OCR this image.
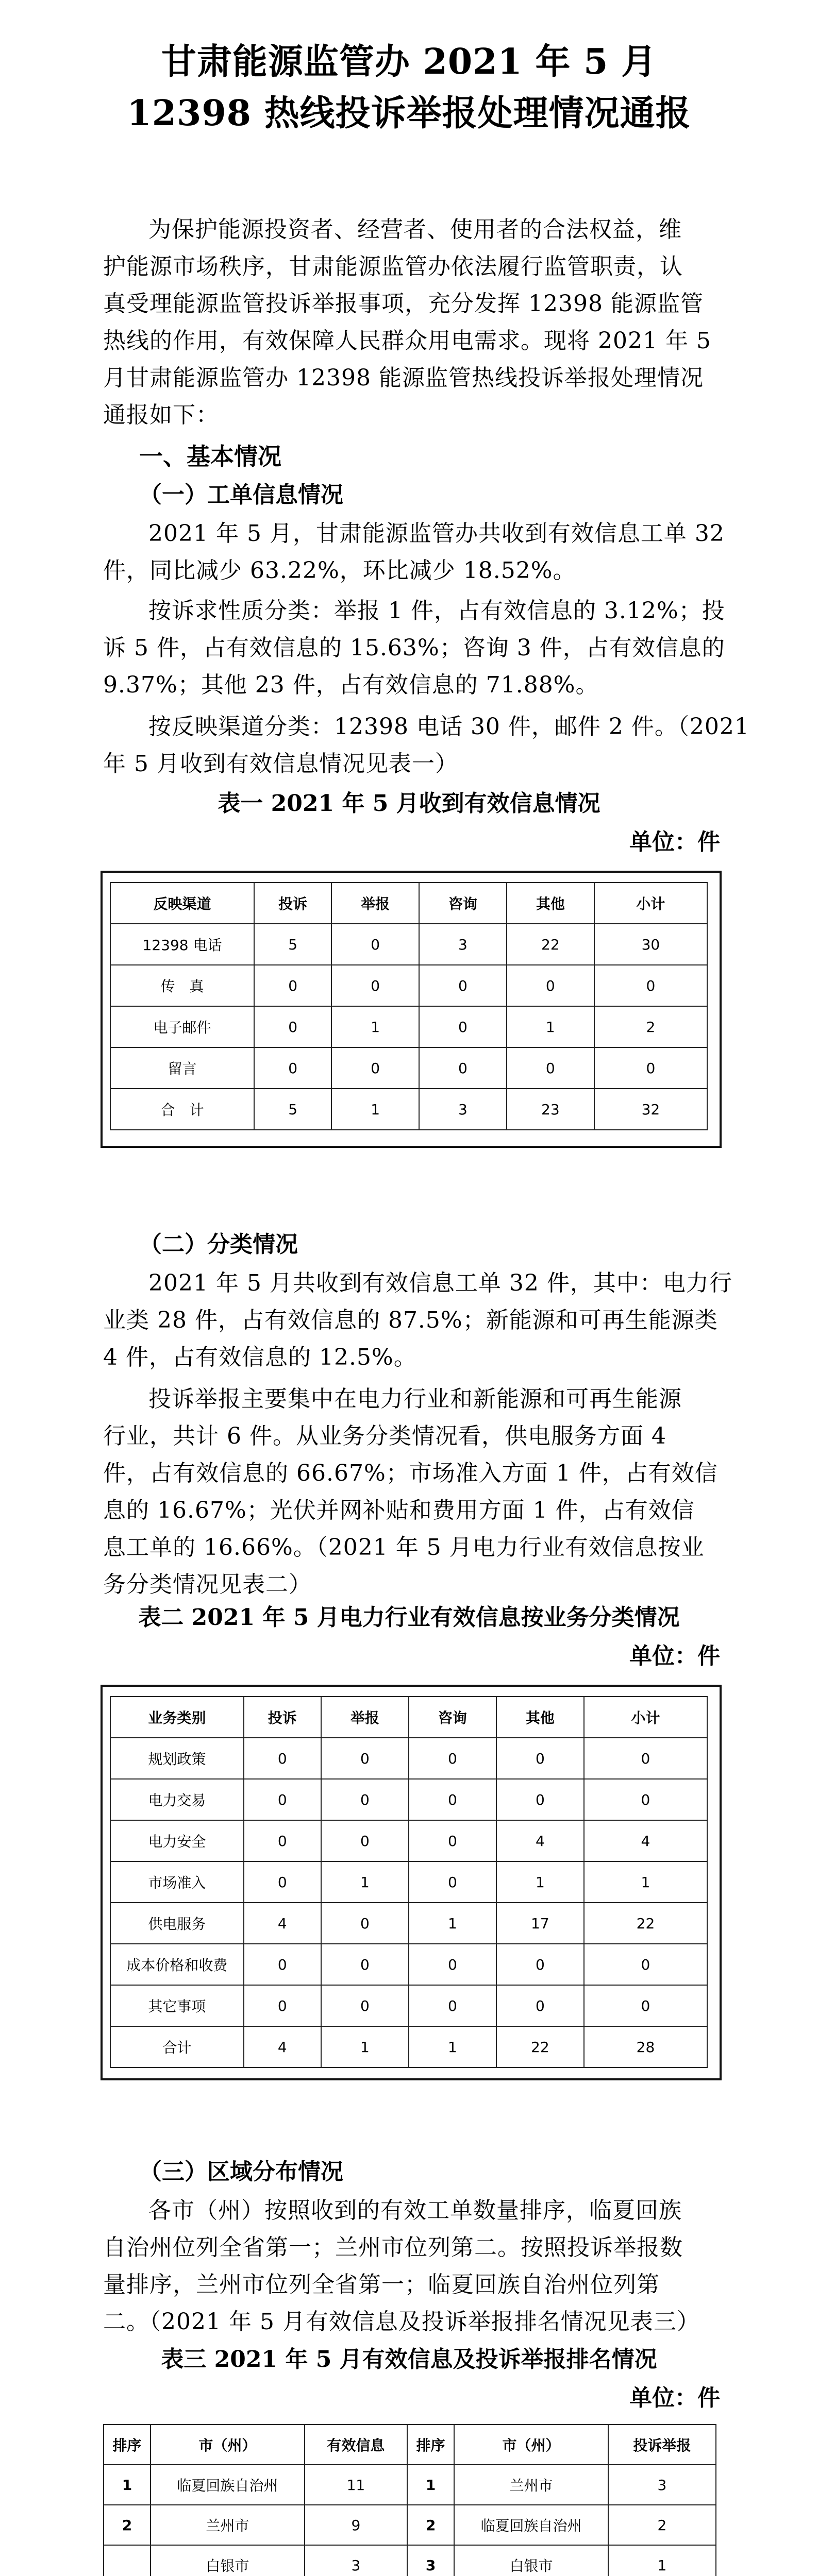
甘肃能源监管办 2021 年 5 月
12398 热线投诉举报处理情况通报
为保护能源投资者、经营者、使用者的合法权益，维
护能源市场秩序，甘肃能源监管办依法履行监管职责，认
真受理能源监管投诉举报事项，充分发挥 12398 能源监管
热线的作用，有效保障人民群众用电需求。现将 2021 年 5
月甘肃能源监管办 12398 能源监管热线投诉举报处理情况
通报如下：
一、基本情况
（一）工单信息情况
2021 年 5 月，甘肃能源监管办共收到有效信息工单 32
件，同比减少 63.22%，环比减少 18.52%。
按诉求性质分类：举报 1 件，占有效信息的 3.12%；投
诉 5 件，占有效信息的 15.63%；咨询 3 件，占有效信息的
9.37%；其他 23 件，占有效信息的 71.88%。
按反映渠道分类：12398 电话 30 件，邮件 2 件。（2021
年 5 月收到有效信息情况见表一）
表一 2021 年 5 月收到有效信息情况
单位：件
反映渠道	投诉	举报	咨询	其他	小计
12398 电话	5	0	3	22	30
传　真	0	0	0	0	0
电子邮件	0	1	0	1	2
留言	0	0	0	0	0
合　计	5	1	3	23	32
（二）分类情况
2021 年 5 月共收到有效信息工单 32 件，其中：电力行
业类 28 件，占有效信息的 87.5%；新能源和可再生能源类
4 件，占有效信息的 12.5%。
投诉举报主要集中在电力行业和新能源和可再生能源
行业，共计 6 件。从业务分类情况看，供电服务方面 4
件，占有效信息的 66.67%；市场准入方面 1 件，占有效信
息的 16.67%；光伏并网补贴和费用方面 1 件，占有效信
息工单的 16.66%。（2021 年 5 月电力行业有效信息按业
务分类情况见表二）
表二 2021 年 5 月电力行业有效信息按业务分类情况
单位：件
业务类别	投诉	举报	咨询	其他	小计
规划政策	0	0	0	0	0
电力交易	0	0	0	0	0
电力安全	0	0	0	4	4
市场准入	0	1	0	1	1
供电服务	4	0	1	17	22
成本价格和收费	0	0	0	0	0
其它事项	0	0	0	0	0
合计	4	1	1	22	28
（三）区域分布情况
各市（州）按照收到的有效工单数量排序，临夏回族
自治州位列全省第一；兰州市位列第二。按照投诉举报数
量排序，兰州市位列全省第一；临夏回族自治州位列第
二。（2021 年 5 月有效信息及投诉举报排名情况见表三）
表三 2021 年 5 月有效信息及投诉举报排名情况
单位：件
排序	市（州）	有效信息	排序	市（州）	投诉举报
1	临夏回族自治州	11	1	兰州市	3
2	兰州市	9	2	临夏回族自治州	2
	白银市	3	3	白银市	1
